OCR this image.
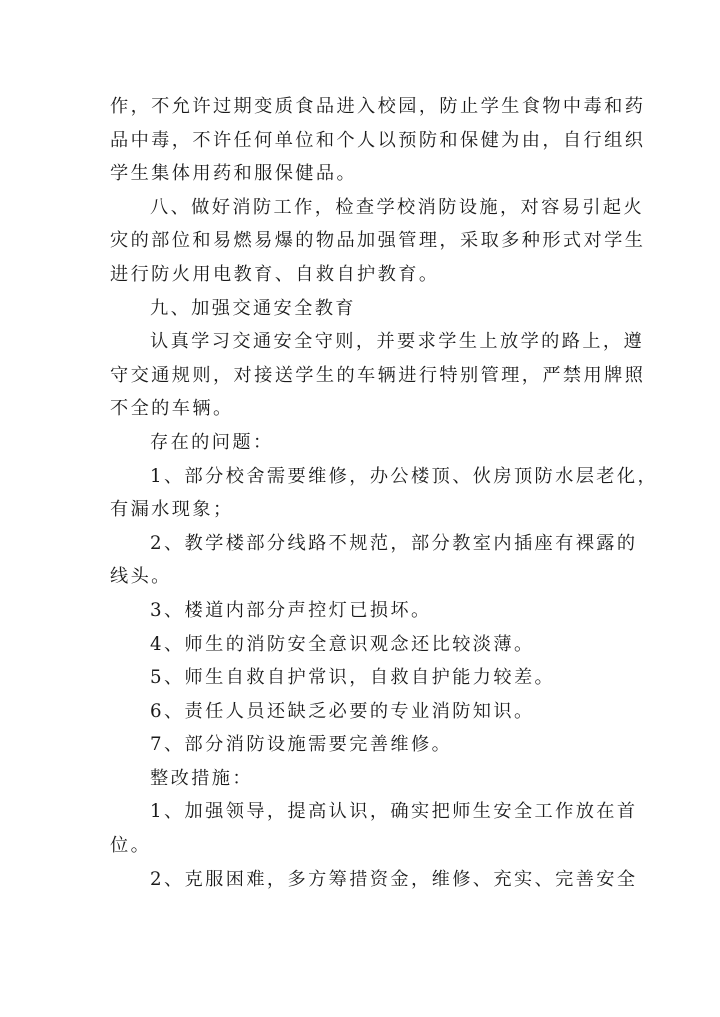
作，不允许过期变质食品进入校园，防止学生食物中毒和药
品中毒，不许任何单位和个人以预防和保健为由，自行组织
学生集体用药和服保健品。
八、做好消防工作，检查学校消防设施，对容易引起火
灾的部位和易燃易爆的物品加强管理，采取多种形式对学生
进行防火用电教育、自救自护教育。
九、加强交通安全教育
认真学习交通安全守则，并要求学生上放学的路上，遵
守交通规则，对接送学生的车辆进行特别管理，严禁用牌照
不全的车辆。
存在的问题：
1、部分校舍需要维修，办公楼顶、伙房顶防水层老化，
有漏水现象；
2、教学楼部分线路不规范，部分教室内插座有裸露的
线头。
3、楼道内部分声控灯已损坏。
4、师生的消防安全意识观念还比较淡薄。
5、师生自救自护常识，自救自护能力较差。
6、责任人员还缺乏必要的专业消防知识。
7、部分消防设施需要完善维修。
整改措施：
1、加强领导，提高认识，确实把师生安全工作放在首
位。
2、克服困难，多方筹措资金，维修、充实、完善安全
